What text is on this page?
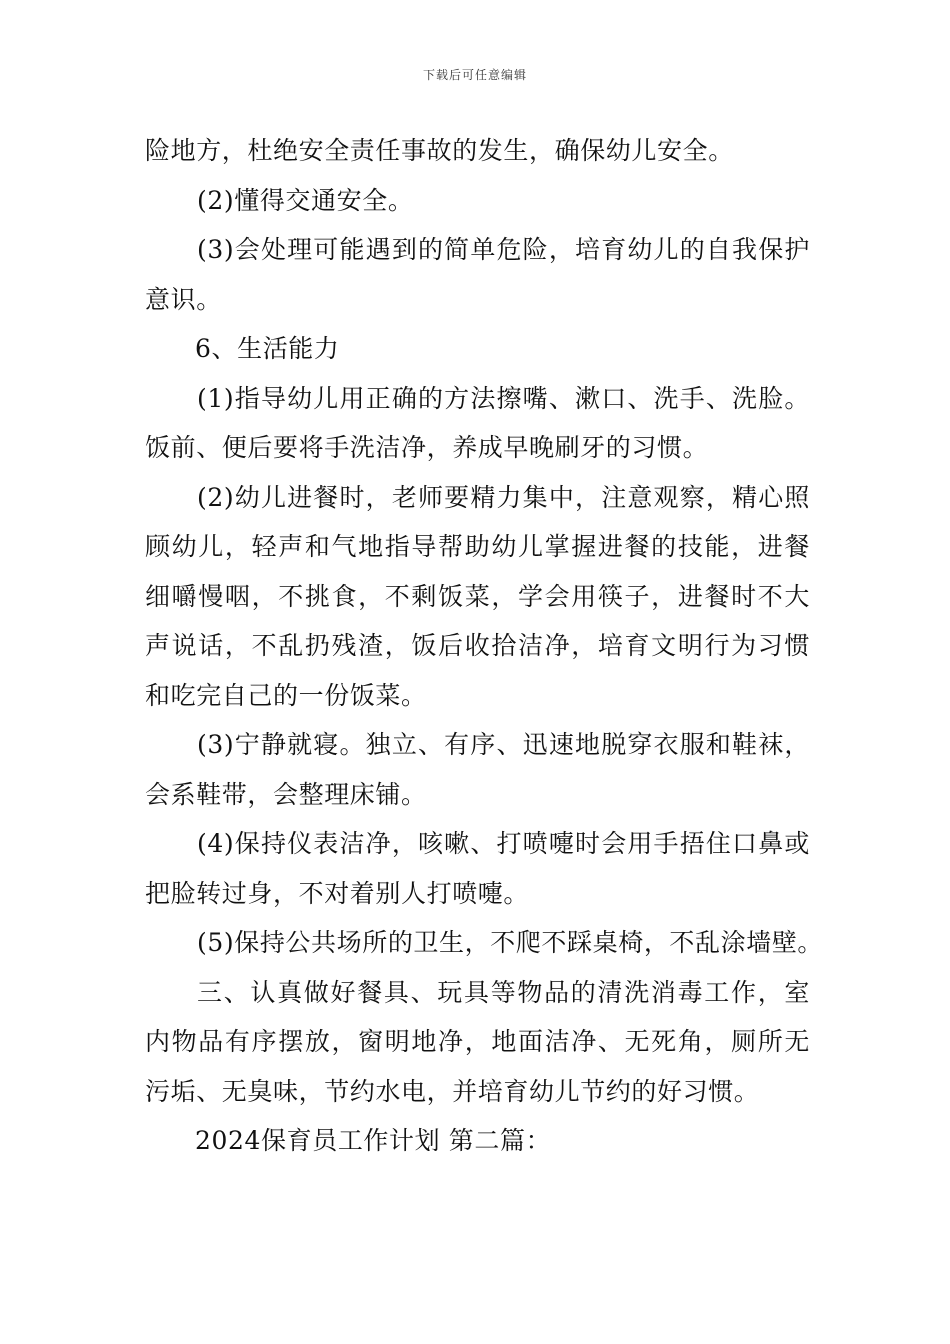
下载后可任意编辑
险地方，杜绝安全责任事故的发生，确保幼儿安全。
(2)懂得交通安全。
(3)会处理可能遇到的简单危险，培育幼儿的自我保护
意识。
6、生活能力
(1)指导幼儿用正确的方法擦嘴、漱口、洗手、洗脸。
饭前、便后要将手洗洁净，养成早晚刷牙的习惯。
(2)幼儿进餐时，老师要精力集中，注意观察，精心照
顾幼儿，轻声和气地指导帮助幼儿掌握进餐的技能，进餐
细嚼慢咽，不挑食，不剩饭菜，学会用筷子，进餐时不大
声说话，不乱扔残渣，饭后收拾洁净，培育文明行为习惯
和吃完自己的一份饭菜。
(3)宁静就寝。独立、有序、迅速地脱穿衣服和鞋袜，
会系鞋带，会整理床铺。
(4)保持仪表洁净，咳嗽、打喷嚏时会用手捂住口鼻或
把脸转过身，不对着别人打喷嚏。
(5)保持公共场所的卫生，不爬不踩桌椅，不乱涂墙壁。
三、认真做好餐具、玩具等物品的清洗消毒工作，室
内物品有序摆放，窗明地净，地面洁净、无死角，厕所无
污垢、无臭味，节约水电，并培育幼儿节约的好习惯。
2024保育员工作计划 第二篇：
